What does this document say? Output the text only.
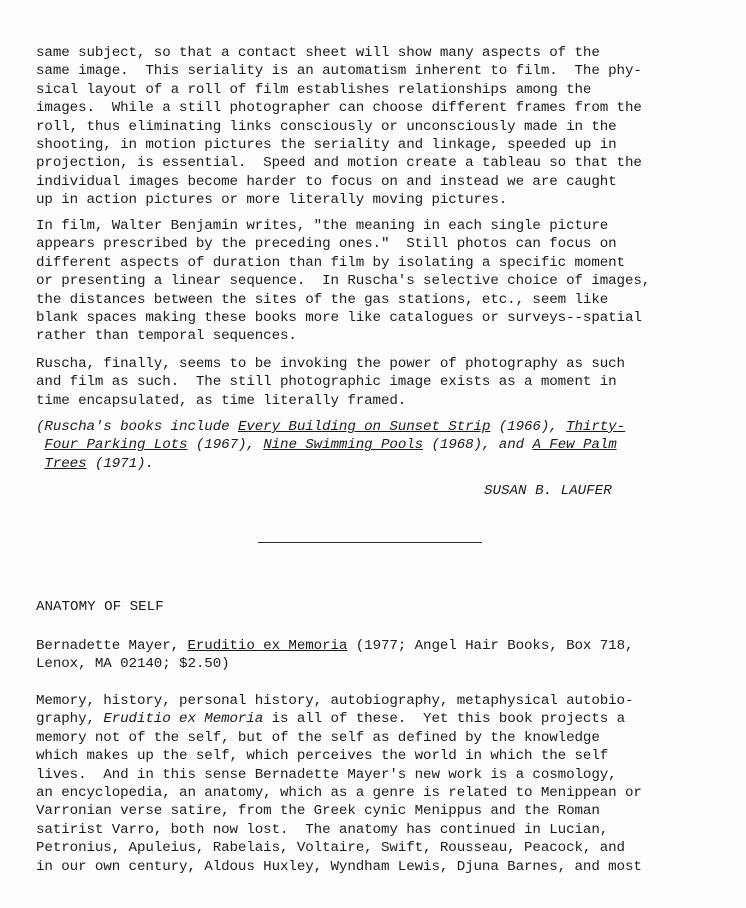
same subject, so that a contact sheet will show many aspects of the
same image.  This seriality is an automatism inherent to film.  The phy-
sical layout of a roll of film establishes relationships among the
images.  While a still photographer can choose different frames from the
roll, thus eliminating links consciously or unconsciously made in the
shooting, in motion pictures the seriality and linkage, speeded up in
projection, is essential.  Speed and motion create a tableau so that the
individual images become harder to focus on and instead we are caught
up in action pictures or more literally moving pictures.

In film, Walter Benjamin writes, "the meaning in each single picture
appears prescribed by the preceding ones."  Still photos can focus on
different aspects of duration than film by isolating a specific moment
or presenting a linear sequence.  In Ruscha's selective choice of images,
the distances between the sites of the gas stations, etc., seem like
blank spaces making these books more like catalogues or surveys--spatial
rather than temporal sequences.

Ruscha, finally, seems to be invoking the power of photography as such
and film as such.  The still photographic image exists as a moment in
time encapsulated, as time literally framed.

(Ruscha's books include Every Building on Sunset Strip (1966), Thirty-
Four Parking Lots (1967), Nine Swimming Pools (1968), and A Few Palm
Trees (1971).

SUSAN B. LAUFER
ANATOMY OF SELF

Bernadette Mayer, Eruditio ex Memoria (1977; Angel Hair Books, Box 718,
Lenox, MA 02140; $2.50)

Memory, history, personal history, autobiography, metaphysical autobio-
graphy, Eruditio ex Memoria is all of these.  Yet this book projects a
memory not of the self, but of the self as defined by the knowledge
which makes up the self, which perceives the world in which the self
lives.  And in this sense Bernadette Mayer's new work is a cosmology,
an encyclopedia, an anatomy, which as a genre is related to Menippean or
Varronian verse satire, from the Greek cynic Menippus and the Roman
satirist Varro, both now lost.  The anatomy has continued in Lucian,
Petronius, Apuleius, Rabelais, Voltaire, Swift, Rousseau, Peacock, and
in our own century, Aldous Huxley, Wyndham Lewis, Djuna Barnes, and most
